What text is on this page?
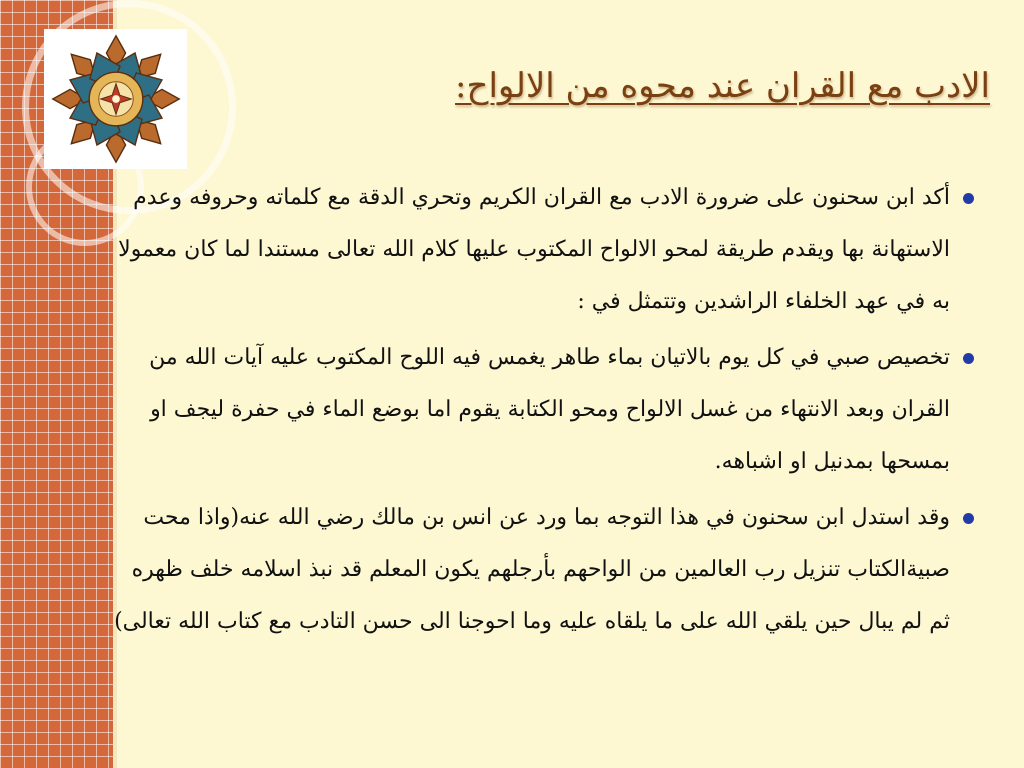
الادب مع القران عند محوه من الالواح:
أكد ابن سحنون على ضرورة الادب مع القران الكريم وتحري الدقة مع كلماته وحروفه وعدم الاستهانة بها ويقدم طريقة لمحو الالواح المكتوب عليها كلام الله تعالى مستندا لما كان معمولا به في عهد الخلفاء الراشدين وتتمثل في :
تخصيص صبي في كل يوم بالاتيان بماء طاهر يغمس فيه اللوح المكتوب عليه آيات الله من القران وبعد الانتهاء من غسل الالواح ومحو الكتابة يقوم اما بوضع الماء في حفرة ليجف او بمسحها بمدنيل او اشباهه.
وقد استدل ابن سحنون في هذا التوجه بما ورد عن انس بن مالك رضي الله عنه(واذا محت صبيةالكتاب تنزيل رب العالمين من الواحهم بأرجلهم يكون المعلم قد نبذ اسلامه خلف ظهره ثم لم يبال حين يلقي الله على ما يلقاه عليه وما احوجنا الى حسن التادب مع كتاب الله تعالى)
